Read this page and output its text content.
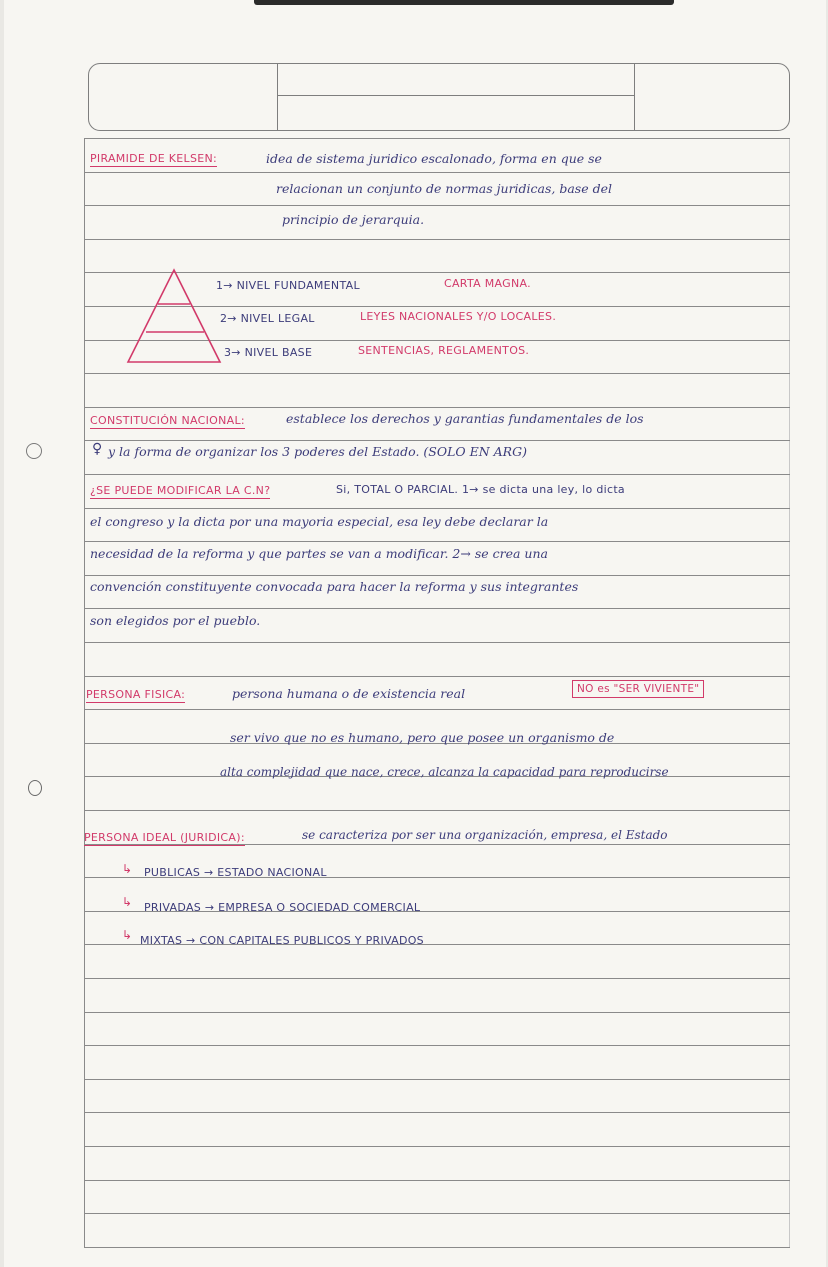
PIRAMIDE DE KELSEN:	idea de sistema juridico escalonado, forma en que se
relacionan un conjunto de normas juridicas, base del
principio de jerarquia.
1→ NIVEL FUNDAMENTAL	CARTA MAGNA.
2→ NIVEL LEGAL	LEYES NACIONALES Y/O LOCALES.
3→ NIVEL BASE	SENTENCIAS, REGLAMENTOS.
CONSTITUCIÓN NACIONAL:	establece los derechos y garantias fundamentales de los
♀ y la forma de organizar los 3 poderes del Estado. (SOLO EN ARG)
¿SE PUEDE MODIFICAR LA C.N?	Si, TOTAL O PARCIAL. 1→ se dicta una ley, lo dicta
el congreso y la dicta por una mayoria especial, esa ley debe declarar la
necesidad de la reforma y que partes se van a modificar. 2→ se crea una
convención constituyente convocada para hacer la reforma y sus integrantes
son elegidos por el pueblo.
PERSONA FISICA:	persona humana o de existencia real	NO es "SER VIVIENTE"
ser vivo que no es humano, pero que posee un organismo de
alta complejidad que nace, crece, alcanza la capacidad para reproducirse
PERSONA IDEAL (JURIDICA):	se caracteriza por ser una organización, empresa, el Estado
↳ PUBLICAS → ESTADO NACIONAL
↳ PRIVADAS → EMPRESA O SOCIEDAD COMERCIAL
↳ MIXTAS → CON CAPITALES PUBLICOS Y PRIVADOS
